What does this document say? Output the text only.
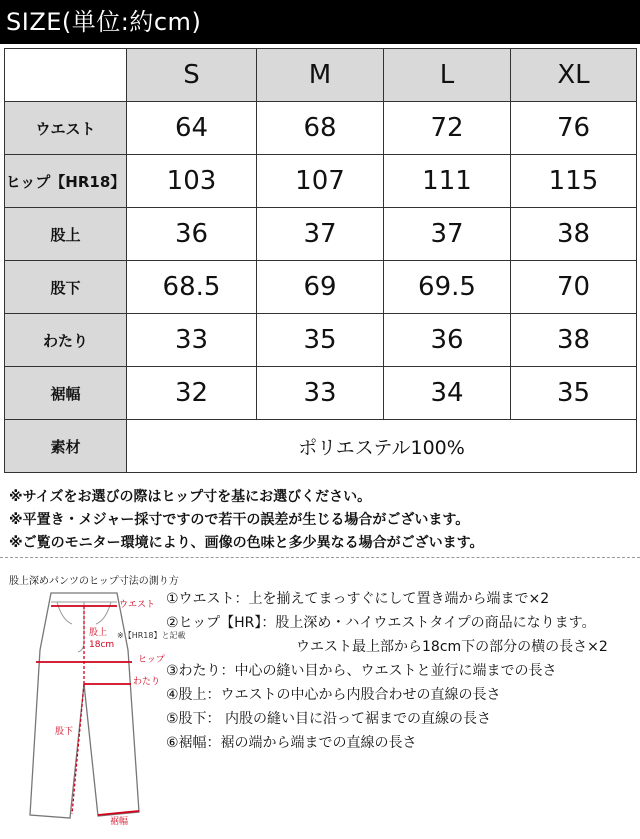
SIZE(単位:約cm)
	S	M	L	XL
ウエスト	64	68	72	76
ヒップ【HR18】	103	107	111	115
股上	36	37	37	38
股下	68.5	69	69.5	70
わたり	33	35	36	38
裾幅	32	33	34	35
素材	ポリエステル100%			

※サイズをお選びの際はヒップ寸を基にお選びください。

※平置き・メジャー採寸ですので若干の誤差が生じる場合がございます。

※ご覧のモニター環境により、画像の色味と多少異なる場合がございます。

股上深めパンツのヒップ寸法の測り方
ウエスト
股上
18cm
※【HR18】と記載
ヒップ
わたり
股下
裾幅

①ウエスト：上を揃えてまっすぐにして置き端から端まで×2

②ヒップ【HR】：股上深め・ハイウエストタイプの商品になります。

ウエスト最上部から18cm下の部分の横の長さ×2

③わたり：中心の縫い目から、ウエストと並行に端までの長さ

④股上：ウエストの中心から内股合わせの直線の長さ

⑤股下： 内股の縫い目に沿って裾までの直線の長さ

⑥裾幅：裾の端から端までの直線の長さ
